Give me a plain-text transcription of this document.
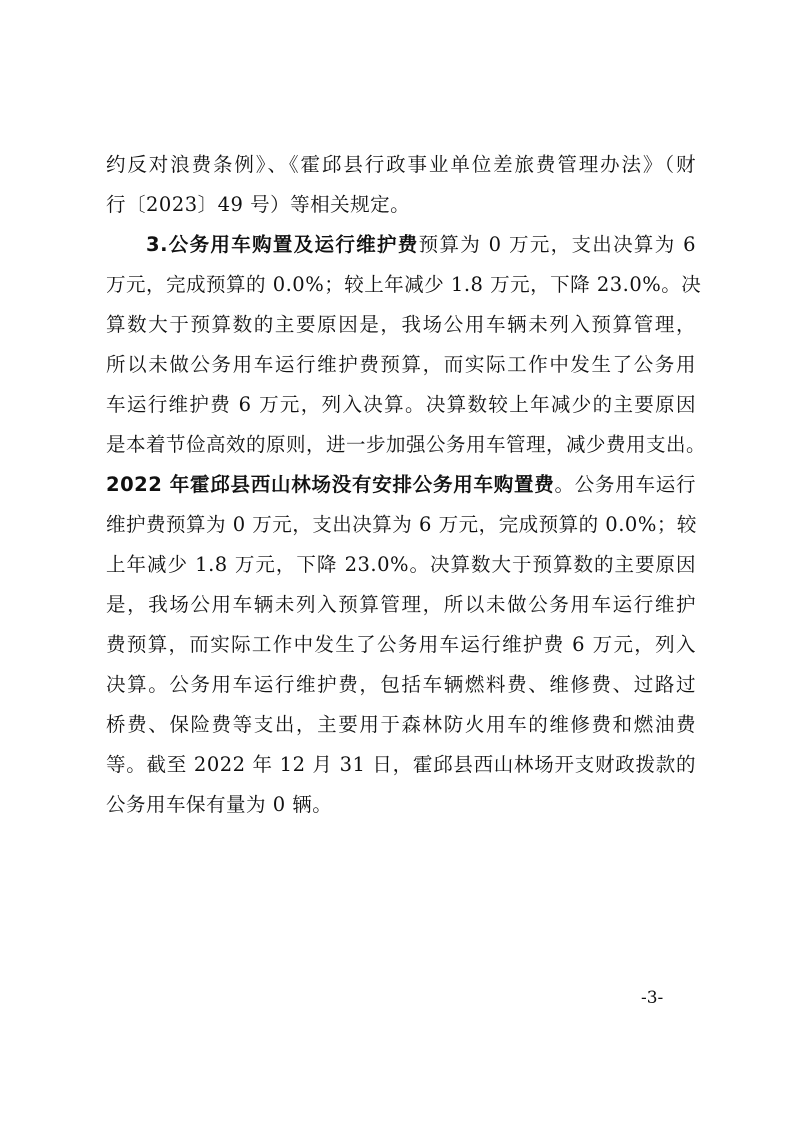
约反对浪费条例》、《霍邱县行政事业单位差旅费管理办法》（财
行〔2023〕49 号）等相关规定。
3.公务用车购置及运行维护费预算为 0 万元，支出决算为 6
万元，完成预算的 0.0%；较上年减少 1.8 万元，下降 23.0%。决
算数大于预算数的主要原因是，我场公用车辆未列入预算管理，
所以未做公务用车运行维护费预算，而实际工作中发生了公务用
车运行维护费 6 万元，列入决算。决算数较上年减少的主要原因
是本着节俭高效的原则，进一步加强公务用车管理，减少费用支出。
2022 年霍邱县西山林场没有安排公务用车购置费。公务用车运行
维护费预算为 0 万元，支出决算为 6 万元，完成预算的 0.0%；较
上年减少 1.8 万元，下降 23.0%。决算数大于预算数的主要原因
是，我场公用车辆未列入预算管理，所以未做公务用车运行维护
费预算，而实际工作中发生了公务用车运行维护费 6 万元，列入
决算。公务用车运行维护费，包括车辆燃料费、维修费、过路过
桥费、保险费等支出，主要用于森林防火用车的维修费和燃油费
等。截至 2022 年 12 月 31 日，霍邱县西山林场开支财政拨款的
公务用车保有量为 0 辆。
-3-
